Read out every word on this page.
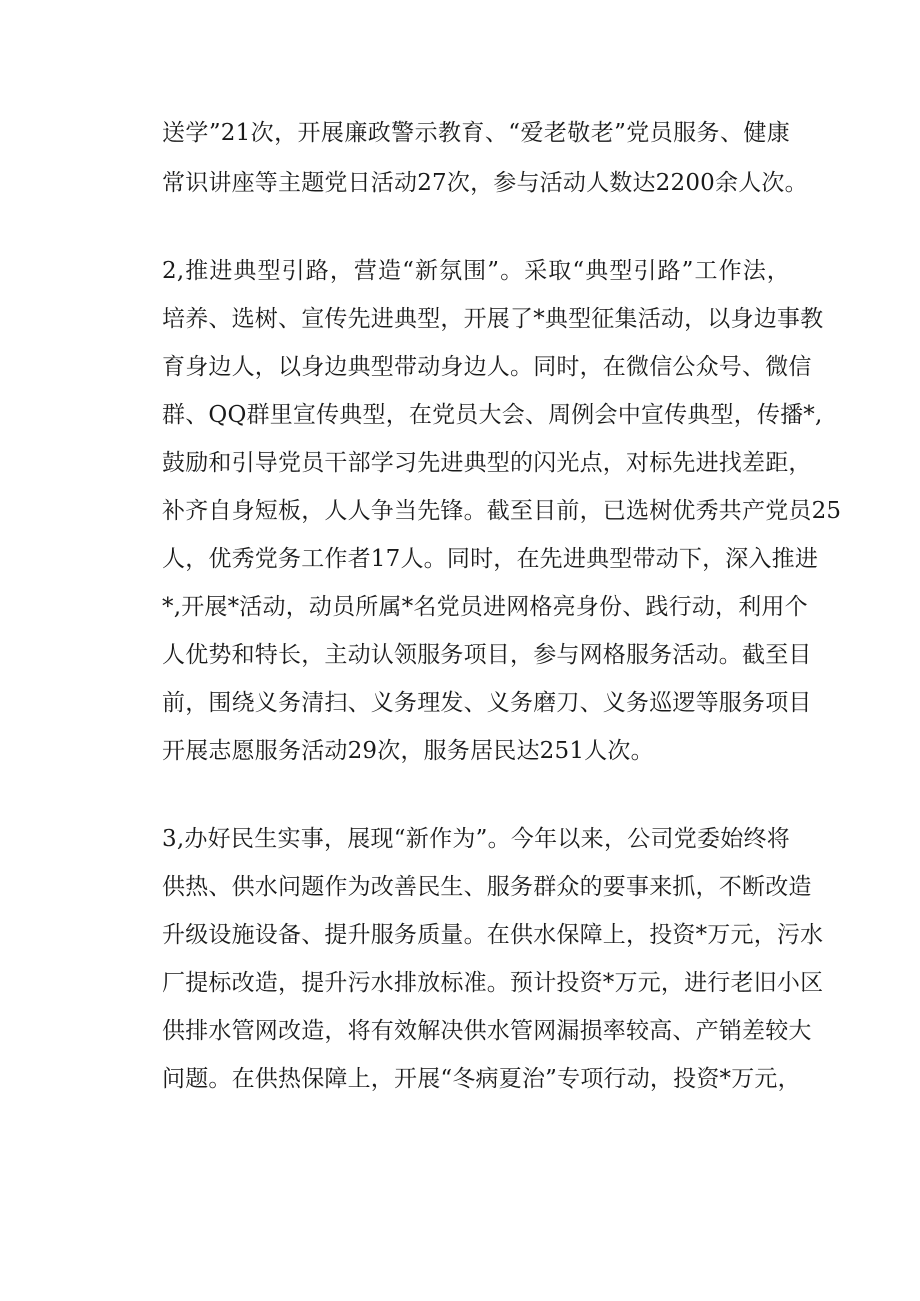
送学”21次，开展廉政警示教育、“爱老敬老”党员服务、健康
常识讲座等主题党日活动27次，参与活动人数达2200余人次。
2,推进典型引路，营造“新氛围”。采取“典型引路”工作法，
培养、选树、宣传先进典型，开展了*典型征集活动，以身边事教
育身边人，以身边典型带动身边人。同时，在微信公众号、微信
群、QQ群里宣传典型，在党员大会、周例会中宣传典型，传播*,
鼓励和引导党员干部学习先进典型的闪光点，对标先进找差距，
补齐自身短板，人人争当先锋。截至目前，已选树优秀共产党员25
人，优秀党务工作者17人。同时，在先进典型带动下，深入推进
*,开展*活动，动员所属*名党员进网格亮身份、践行动，利用个
人优势和特长，主动认领服务项目，参与网格服务活动。截至目
前，围绕义务清扫、义务理发、义务磨刀、义务巡逻等服务项目
开展志愿服务活动29次，服务居民达251人次。
3,办好民生实事，展现“新作为”。今年以来，公司党委始终将
供热、供水问题作为改善民生、服务群众的要事来抓，不断改造
升级设施设备、提升服务质量。在供水保障上，投资*万元，污水
厂提标改造，提升污水排放标准。预计投资*万元，进行老旧小区
供排水管网改造，将有效解决供水管网漏损率较高、产销差较大
问题。在供热保障上，开展“冬病夏治”专项行动，投资*万元，
